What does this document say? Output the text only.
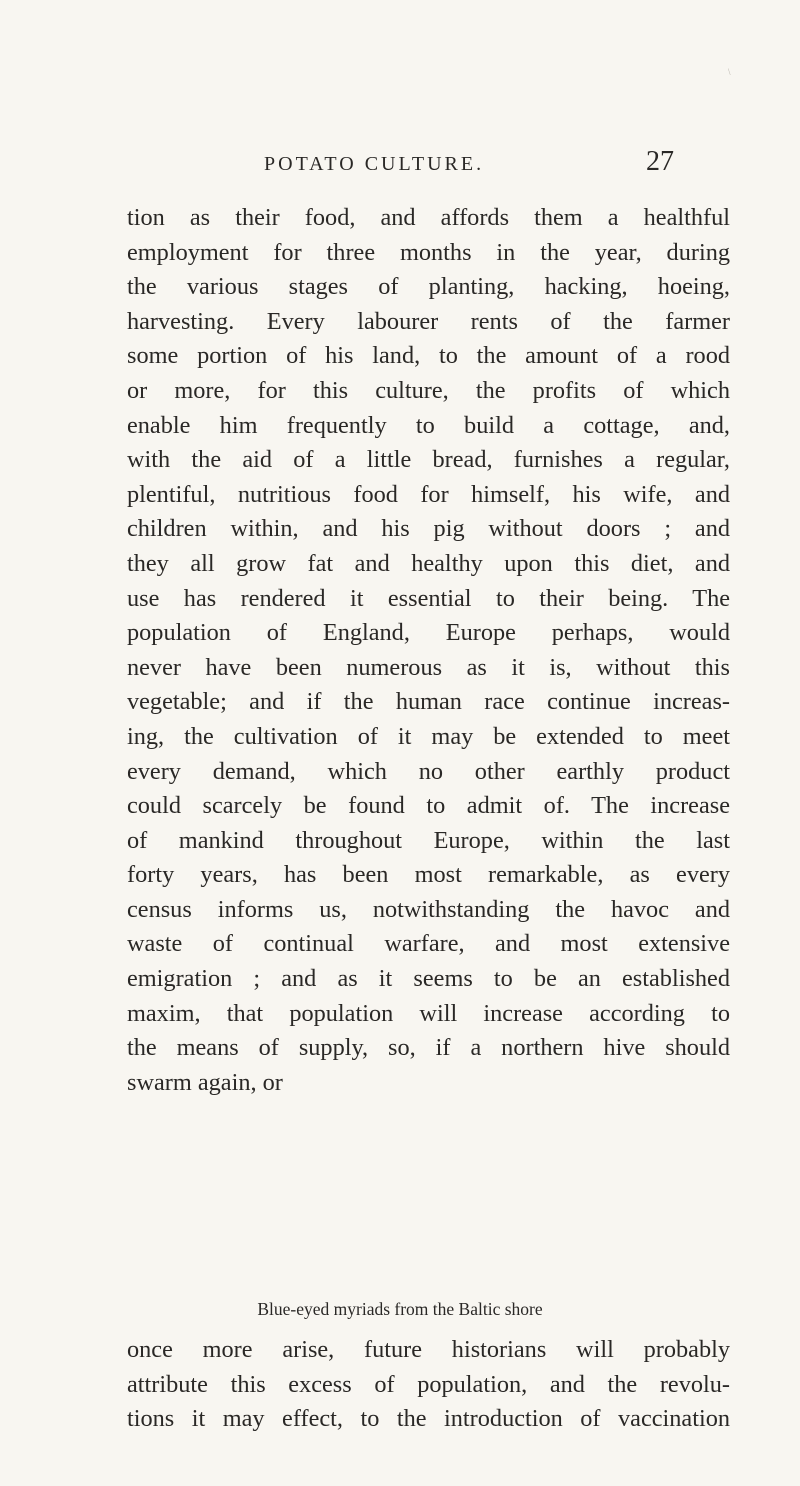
\
POTATO CULTURE.	27
tion as their food, and affords them a healthful
employment for three months in the year, during
the various stages of planting, hacking, hoeing,
harvesting. Every labourer rents of the farmer
some portion of his land, to the amount of a rood
or more, for this culture, the profits of which
enable him frequently to build a cottage, and,
with the aid of a little bread, furnishes a regular,
plentiful, nutritious food for himself, his wife, and
children within, and his pig without doors ; and
they all grow fat and healthy upon this diet, and
use has rendered it essential to their being. The
population of England, Europe perhaps, would
never have been numerous as it is, without this
vegetable; and if the human race continue increas-
ing, the cultivation of it may be extended to meet
every demand, which no other earthly product
could scarcely be found to admit of. The increase
of mankind throughout Europe, within the last
forty years, has been most remarkable, as every
census informs us, notwithstanding the havoc and
waste of continual warfare, and most extensive
emigration ; and as it seems to be an established
maxim, that population will increase according to
the means of supply, so, if a northern hive should
swarm again, or
Blue-eyed myriads from the Baltic shore
once more arise, future historians will probably
attribute this excess of population, and the revolu-
tions it may effect, to the introduction of vaccination
